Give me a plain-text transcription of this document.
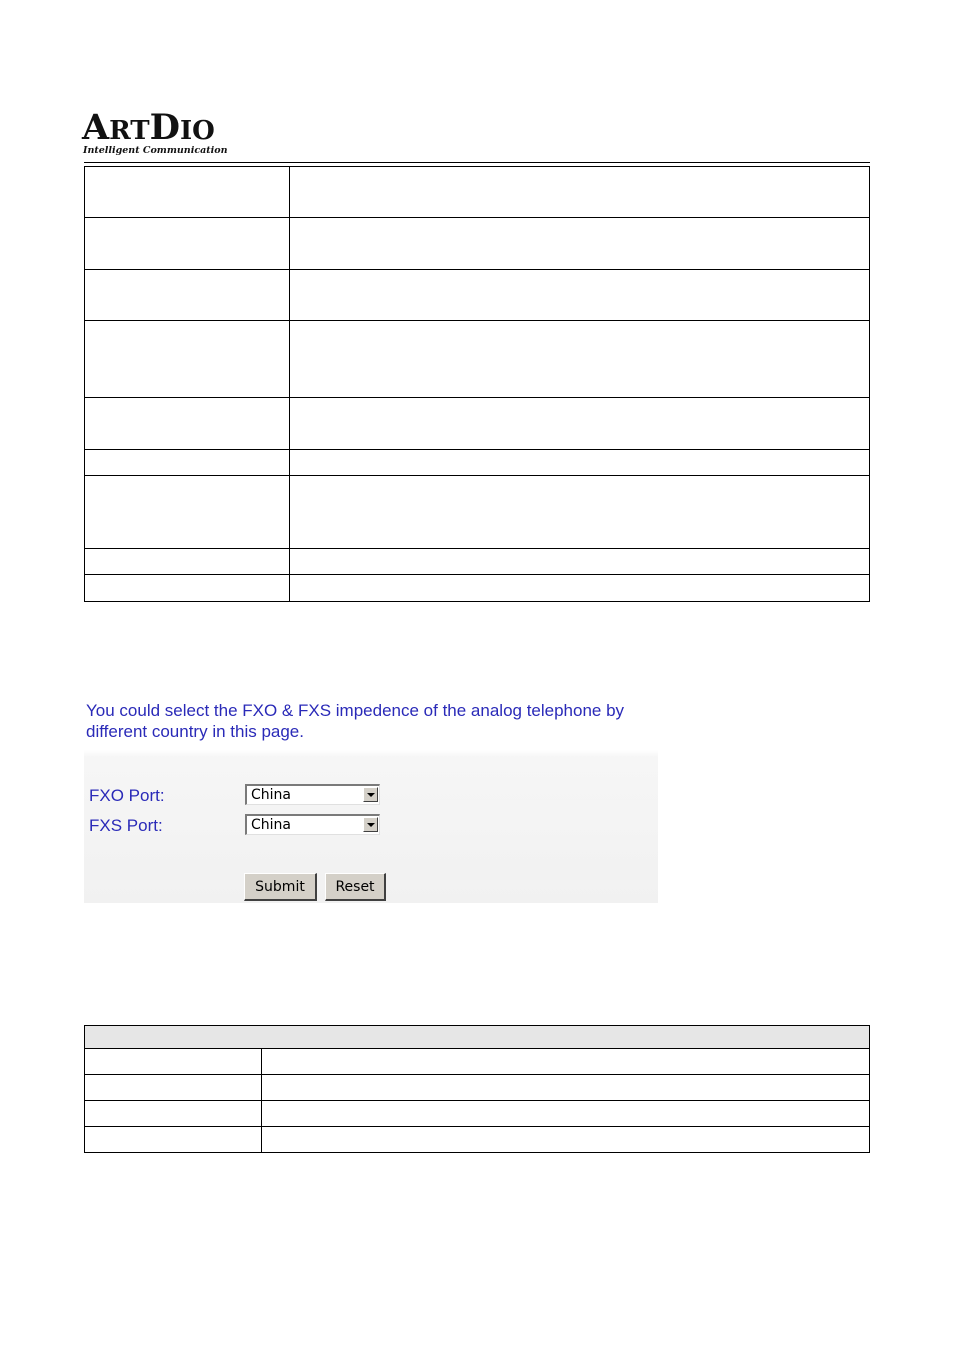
ARTDIO
Intelligent Communication

You could select the FXO & FXS impedence of the analog telephone by
different country in this page.

FXO Port:	China
FXS Port:	China
Submit	Reset
